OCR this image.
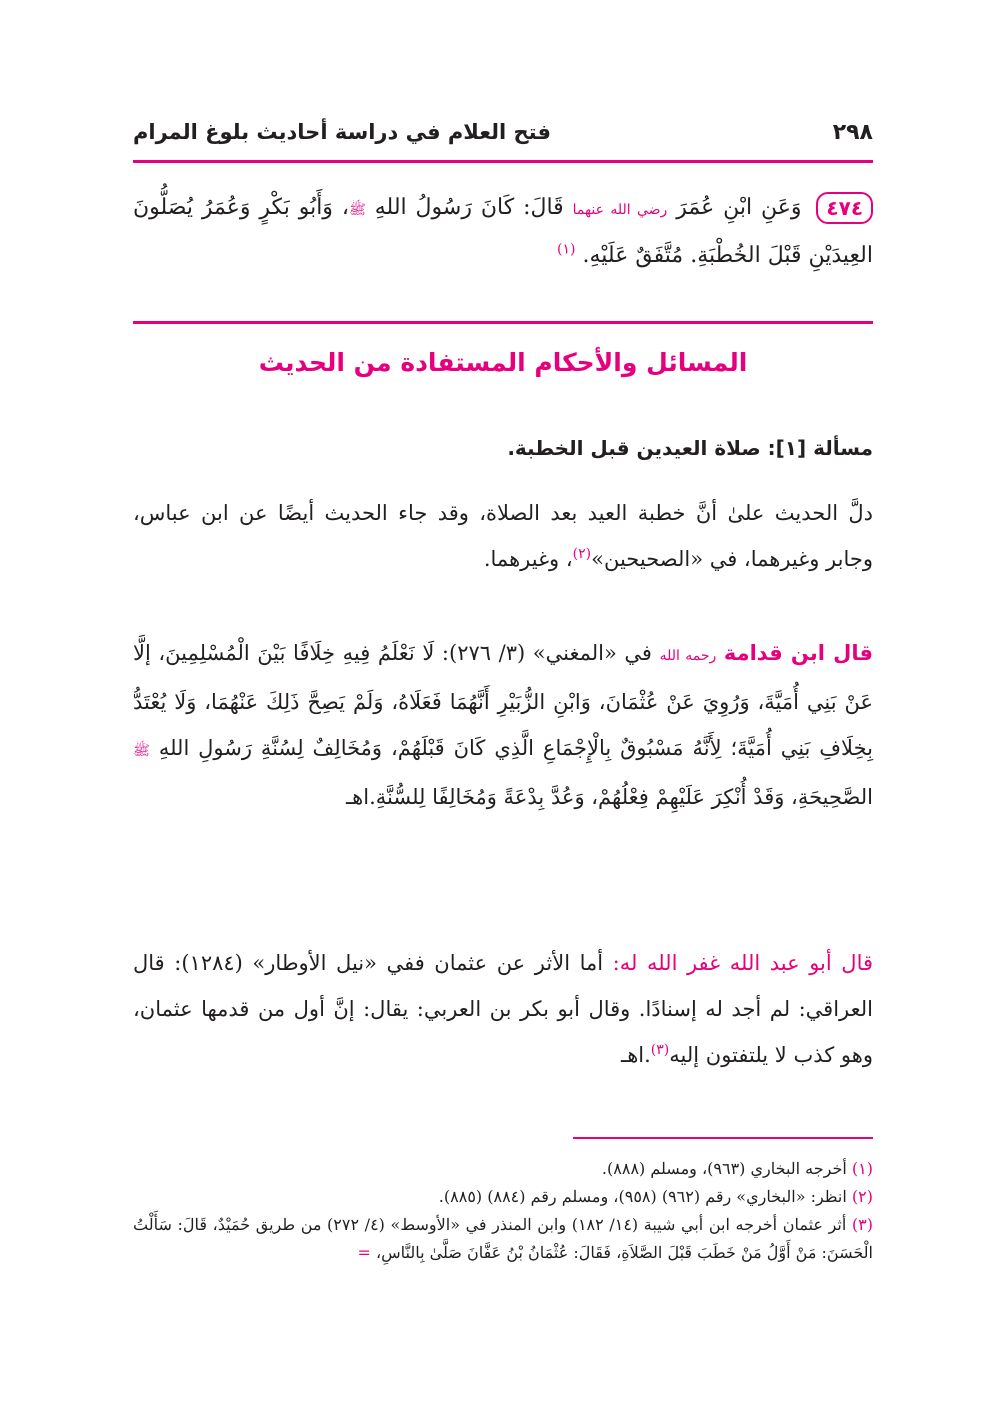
٢٩٨
فتح العلام في دراسة أحاديث بلوغ المرام
٤٧٤ وَعَنِ ابْنِ عُمَرَ رضي الله عنهما قَالَ: كَانَ رَسُولُ اللهِ ﷺ، وَأَبُو بَكْرٍ وَعُمَرُ يُصَلُّونَ العِيدَيْنِ قَبْلَ الخُطْبَةِ. مُتَّفَقٌ عَلَيْهِ. $^{(١)}$
المسائل والأحكام المستفادة من الحديث
مسألة [١]: صلاة العيدين قبل الخطبة.
دلَّ الحديث علىٰ أنَّ خطبة العيد بعد الصلاة، وقد جاء الحديث أيضًا عن ابن عباس، وجابر وغيرهما، في «الصحيحين»$^{(٢)}$، وغيرهما.
قال ابن قدامة رحمه الله في «المغني» (٣/ ٢٧٦): لَا نَعْلَمُ فِيهِ خِلَافًا بَيْنَ الْمُسْلِمِينَ، إلَّا عَنْ بَنِي أُمَيَّةَ، وَرُوِيَ عَنْ عُثْمَانَ، وَابْنِ الزُّبَيْرِ أَنَّهُمَا فَعَلَاهُ، وَلَمْ يَصِحَّ ذَلِكَ عَنْهُمَا، وَلَا يُعْتَدُّ بِخِلَافِ بَنِي أُمَيَّةَ؛ لِأَنَّهُ مَسْبُوقٌ بِالْإِجْمَاعِ الَّذِي كَانَ قَبْلَهُمْ، وَمُخَالِفٌ لِسُنَّةِ رَسُولِ اللهِ ﷺ الصَّحِيحَةِ، وَقَدْ أُنْكِرَ عَلَيْهِمْ فِعْلُهُمْ، وَعُدَّ بِدْعَةً وَمُخَالِفًا لِلسُّنَّةِ.اهـ
قال أبو عبد الله غفر الله له: أما الأثر عن عثمان ففي «نيل الأوطار» (١٢٨٤): قال العراقي: لم أجد له إسنادًا. وقال أبو بكر بن العربي: يقال: إنَّ أول من قدمها عثمان، وهو كذب لا يلتفتون إليه$^{(٣)}$.اهـ
(١) أخرجه البخاري (٩٦٣)، ومسلم (٨٨٨).
(٢) انظر: «البخاري» رقم (٩٦٢) (٩٥٨)، ومسلم رقم (٨٨٤) (٨٨٥).
(٣) أثر عثمان أخرجه ابن أبي شيبة (١٤/ ١٨٢) وابن المنذر في «الأوسط» (٤/ ٢٧٢) من طريق حُمَيْدٌ، قَالَ: سَأَلْتُ الْحَسَنَ: مَنْ أَوَّلُ مَنْ خَطَبَ قَبْلَ الصَّلاَةِ، فَقَالَ: عُثْمَانُ بْنُ عَفَّانَ صَلَّىٰ بِالنَّاسِ، =
